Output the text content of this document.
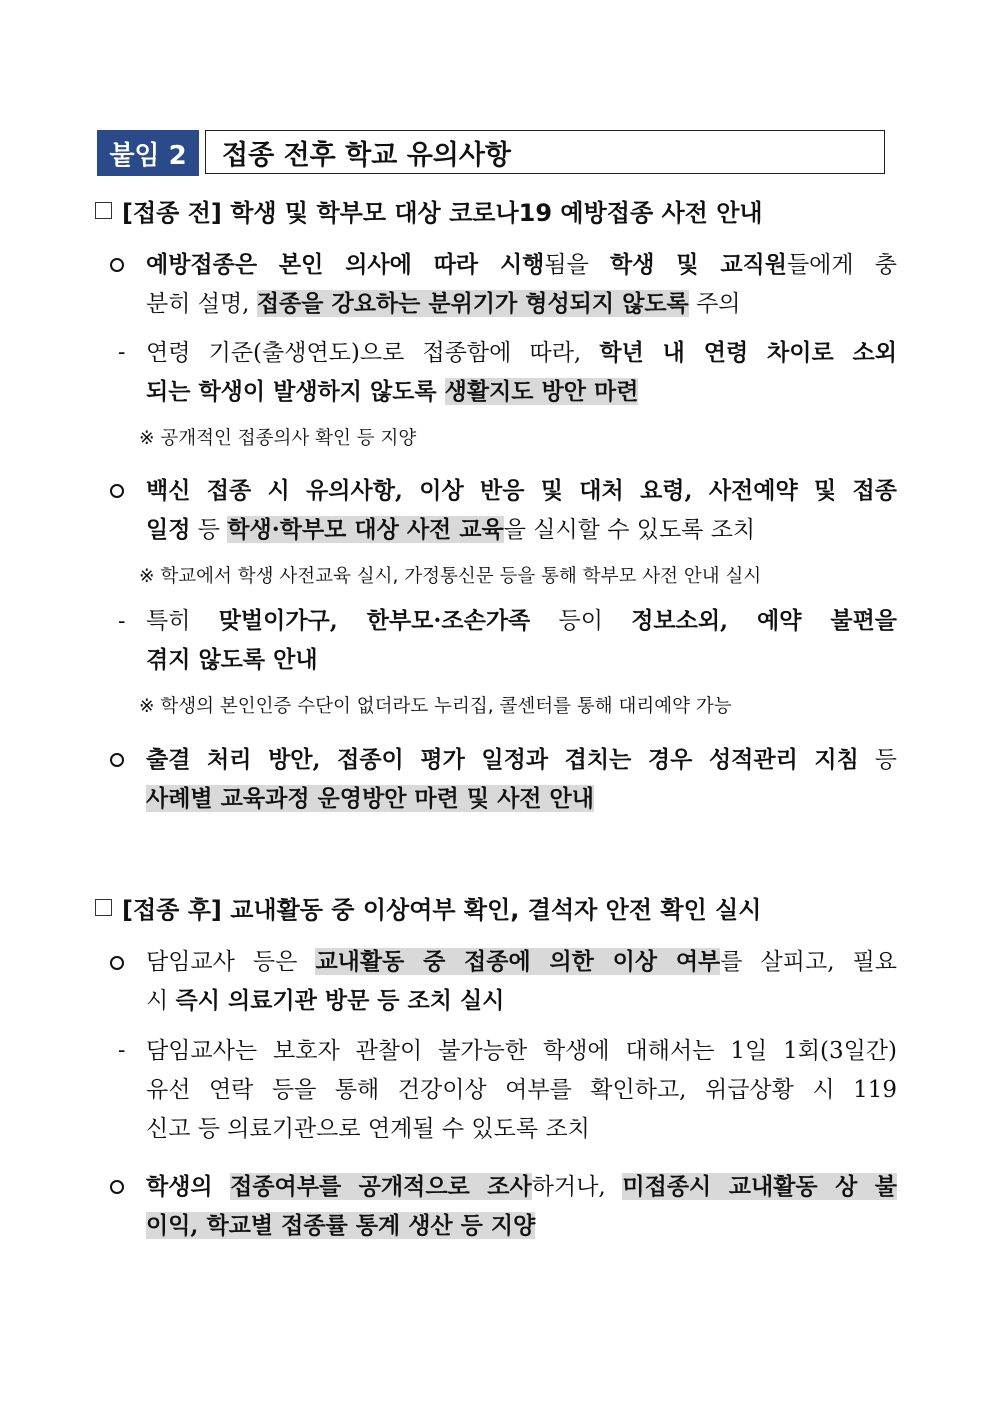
붙임 2 접종 전후 학교 유의사항
[접종 전] 학생 및 학부모 대상 코로나19 예방접종 사전 안내
예방접종은 본인 의사에 따라 시행됨을 학생 및 교직원들에게 충
분히 설명, 접종을 강요하는 분위기가 형성되지 않도록 주의
- 연령 기준(출생연도)으로 접종함에 따라, 학년 내 연령 차이로 소외
되는 학생이 발생하지 않도록 생활지도 방안 마련
※ 공개적인 접종의사 확인 등 지양
백신 접종 시 유의사항, 이상 반응 및 대처 요령, 사전예약 및 접종
일정 등 학생·학부모 대상 사전 교육을 실시할 수 있도록 조치
※ 학교에서 학생 사전교육 실시, 가정통신문 등을 통해 학부모 사전 안내 실시
- 특히 맞벌이가구, 한부모·조손가족 등이 정보소외, 예약 불편을
겪지 않도록 안내
※ 학생의 본인인증 수단이 없더라도 누리집, 콜센터를 통해 대리예약 가능
출결 처리 방안, 접종이 평가 일정과 겹치는 경우 성적관리 지침 등
사례별 교육과정 운영방안 마련 및 사전 안내
[접종 후] 교내활동 중 이상여부 확인, 결석자 안전 확인 실시
담임교사 등은 교내활동 중 접종에 의한 이상 여부를 살피고, 필요
시 즉시 의료기관 방문 등 조치 실시
- 담임교사는 보호자 관찰이 불가능한 학생에 대해서는 1일 1회(3일간)
유선 연락 등을 통해 건강이상 여부를 확인하고, 위급상황 시 119
신고 등 의료기관으로 연계될 수 있도록 조치
학생의 접종여부를 공개적으로 조사하거나, 미접종시 교내활동 상 불
이익, 학교별 접종률 통계 생산 등 지양
